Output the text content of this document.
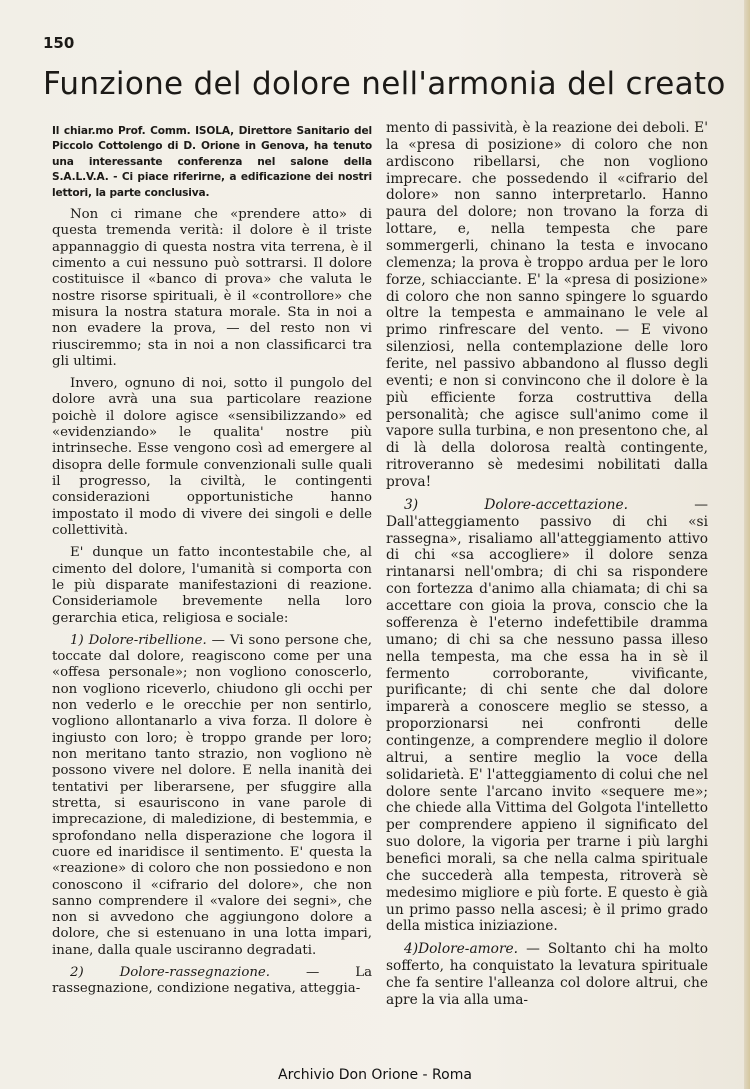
150
Funzione del dolore nell'armonia del creato

Il chiar.mo Prof. Comm. ISOLA, Direttore Sanitario del Piccolo Cottolengo di D. Orione in Genova, ha tenuto una interessante conferenza nel salone della S.A.L.V.A. - Ci piace riferirne, a edificazione dei nostri lettori, la parte conclusiva.

Non ci rimane che «prendere atto» di questa tremenda verità: il dolore è il triste appannaggio di questa nostra vita terrena, è il cimento a cui nessuno può sottrarsi. Il dolore costituisce il «banco di prova» che valuta le nostre risorse spirituali, è il «controllore» che misura la nostra statura morale. Sta in noi a non evadere la prova, — del resto non vi riusciremmo; sta in noi a non classificarci tra gli ultimi.

Invero, ognuno di noi, sotto il pungolo del dolore avrà una sua particolare reazione poichè il dolore agisce «sensibilizzando» ed «evidenziando» le qualita' nostre più intrinseche. Esse vengono così ad emergere al disopra delle formule convenzionali sulle quali il progresso, la civiltà, le contingenti considerazioni opportunistiche hanno impostato il modo di vivere dei singoli e delle collettività.

E' dunque un fatto incontestabile che, al cimento del dolore, l'umanità si comporta con le più disparate manifestazioni di reazione. Consideriamole brevemente nella loro gerarchia etica, religiosa e sociale:

1) Dolore-ribellione. — Vi sono persone che, toccate dal dolore, reagiscono come per una «offesa personale»; non vogliono conoscerlo, non vogliono riceverlo, chiudono gli occhi per non vederlo e le orecchie per non sentirlo, vogliono allontanarlo a viva forza. Il dolore è ingiusto con loro; è troppo grande per loro; non meritano tanto strazio, non vogliono nè possono vivere nel dolore. E nella inanità dei tentativi per liberarsene, per sfuggire alla stretta, si esauriscono in vane parole di imprecazione, di maledizione, di bestemmia, e sprofondano nella disperazione che logora il cuore ed inaridisce il sentimento. E' questa la «reazione» di coloro che non possiedono e non conoscono il «cifrario del dolore», che non sanno comprendere il «valore dei segni», che non si avvedono che aggiungono dolore a dolore, che si estenuano in una lotta impari, inane, dalla quale usciranno degradati.

2) Dolore-rassegnazione. — La rassegnazione, condizione negativa, atteggia-

mento di passività, è la reazione dei deboli. E' la «presa di posizione» di coloro che non ardiscono ribellarsi, che non vogliono imprecare. che possedendo il «cifrario del dolore» non sanno interpretarlo. Hanno paura del dolore; non trovano la forza di lottare, e, nella tempesta che pare sommergerli, chinano la testa e invocano clemenza; la prova è troppo ardua per le loro forze, schiacciante. E' la «presa di posizione» di coloro che non sanno spingere lo sguardo oltre la tempesta e ammainano le vele al primo rinfrescare del vento. — E vivono silenziosi, nella contemplazione delle loro ferite, nel passivo abbandono al flusso degli eventi; e non si convincono che il dolore è la più efficiente forza costruttiva della personalità; che agisce sull'animo come il vapore sulla turbina, e non presentono che, al di là della dolorosa realtà contingente, ritroveranno sè medesimi nobilitati dalla prova!

3) Dolore-accettazione. — Dall'atteggiamento passivo di chi «si rassegna», risaliamo all'atteggiamento attivo di chi «sa accogliere» il dolore senza rintanarsi nell'ombra; di chi sa rispondere con fortezza d'animo alla chiamata; di chi sa accettare con gioia la prova, conscio che la sofferenza è l'eterno indefettibile dramma umano; di chi sa che nessuno passa illeso nella tempesta, ma che essa ha in sè il fermento corroborante, vivificante, purificante; di chi sente che dal dolore imparerà a conoscere meglio se stesso, a proporzionarsi nei confronti delle contingenze, a comprendere meglio il dolore altrui, a sentire meglio la voce della solidarietà. E' l'atteggiamento di colui che nel dolore sente l'arcano invito «sequere me»; che chiede alla Vittima del Golgota l'intelletto per comprendere appieno il significato del suo dolore, la vigoria per trarne i più larghi benefici morali, sa che nella calma spirituale che succederà alla tempesta, ritroverà sè medesimo migliore e più forte. E questo è già un primo passo nella ascesi; è il primo grado della mistica iniziazione.

4)Dolore-amore. — Soltanto chi ha molto sofferto, ha conquistato la levatura spirituale che fa sentire l'alleanza col dolore altrui, che apre la via alla uma-

Archivio Don Orione - Roma
